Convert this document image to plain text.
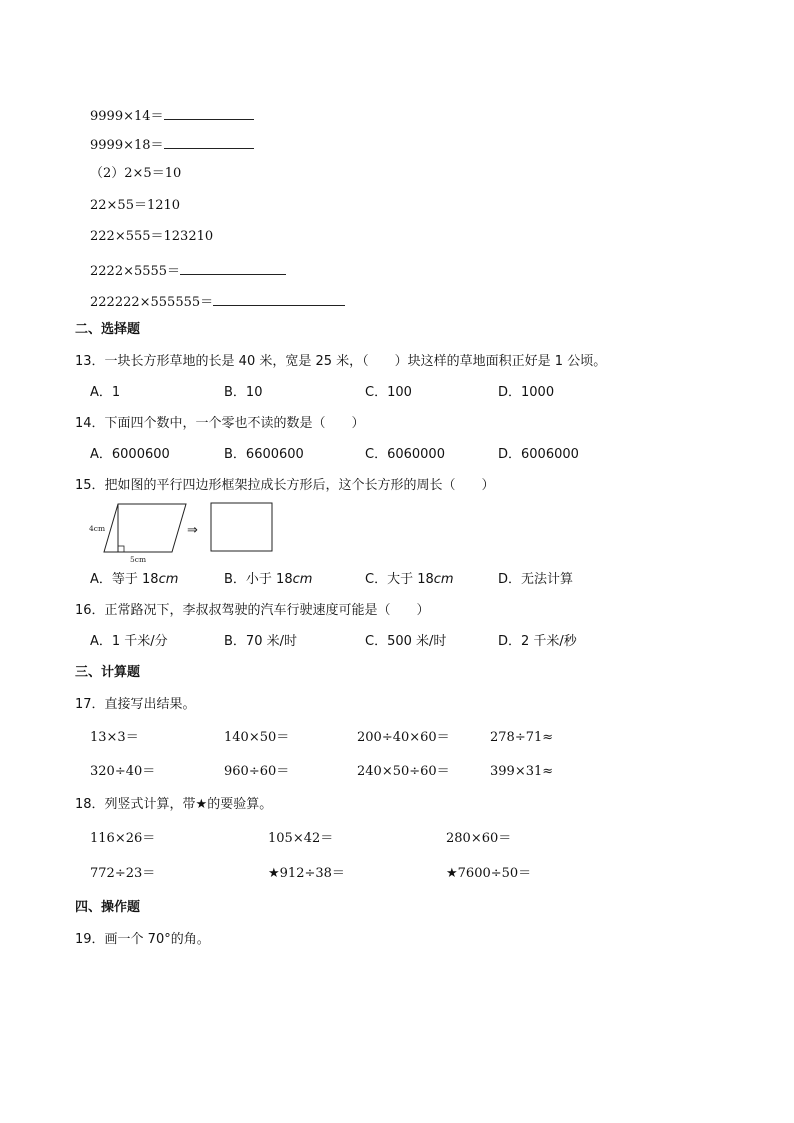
9999×14＝
9999×18＝
（2）2×5＝10
22×55＝1210
222×555＝123210
2222×5555＝
222222×555555＝
二、选择题
13．一块长方形草地的长是 40 米，宽是 25 米，（　　）块这样的草地面积正好是 1 公顷。
A．1	B．10	C．100	D．1000
14．下面四个数中，一个零也不读的数是（　　）
A．6000600	B．6600600	C．6060000	D．6006000
15．把如图的平行四边形框架拉成长方形后，这个长方形的周长（　　）
4cm
5cm
⇒
A．等于 18cm	B．小于 18cm	C．大于 18cm	D．无法计算
16．正常路况下，李叔叔驾驶的汽车行驶速度可能是（　　）
A．1 千米/分	B．70 米/时	C．500 米/时	D．2 千米/秒
三、计算题
17．直接写出结果。
13×3＝	140×50＝	200÷40×60＝	278÷71≈
320÷40＝	960÷60＝	240×50÷60＝	399×31≈
18．列竖式计算，带★的要验算。
116×26＝	105×42＝	280×60＝
772÷23＝	★912÷38＝	★7600÷50＝
四、操作题
19．画一个 70°的角。
